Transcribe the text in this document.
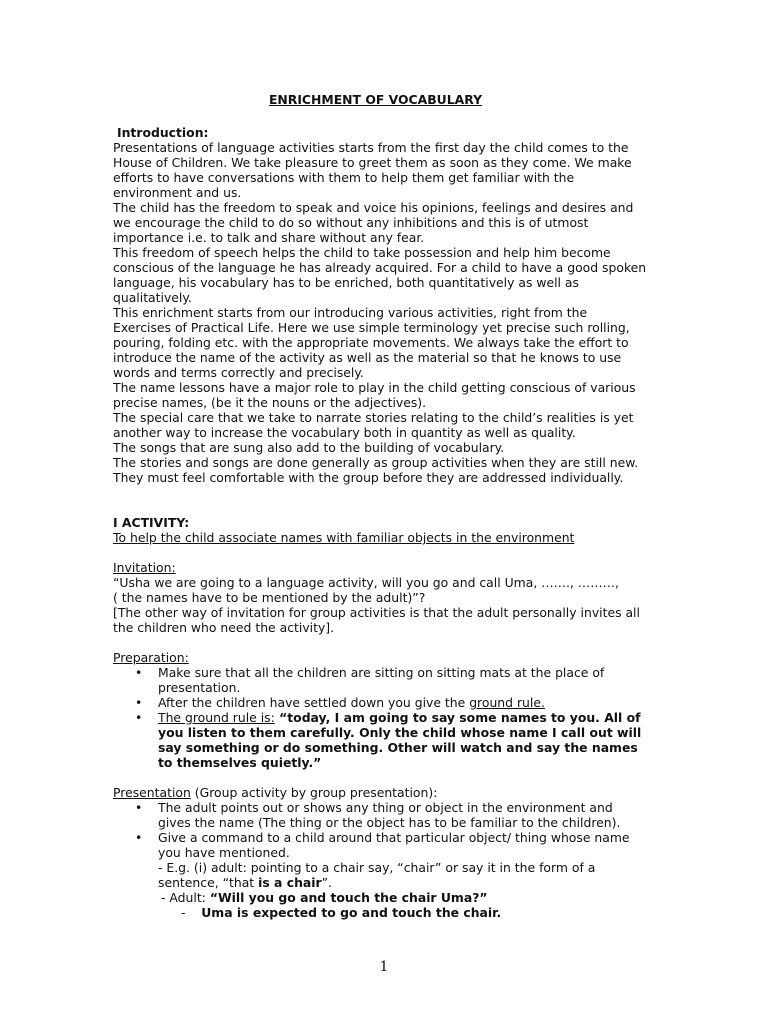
ENRICHMENT OF VOCABULARY
Introduction:

Presentations of language activities starts from the first day the child comes to the House of Children. We take pleasure to greet them as soon as they come. We make efforts to have conversations with them to help them get familiar with the environment and us.

The child has the freedom to speak and voice his opinions, feelings and desires and we encourage the child to do so without any inhibitions and this is of utmost importance i.e. to talk and share without any fear.

This freedom of speech helps the child to take possession and help him become conscious of the language he has already acquired. For a child to have a good spoken language, his vocabulary has to be enriched, both quantitatively as well as qualitatively.

This enrichment starts from our introducing various activities, right from the Exercises of Practical Life. Here we use simple terminology yet precise such rolling, pouring, folding etc. with the appropriate movements. We always take the effort to introduce the name of the activity as well as the material so that he knows to use words and terms correctly and precisely.

The name lessons have a major role to play in the child getting conscious of various precise names, (be it the nouns or the adjectives).

The special care that we take to narrate stories relating to the child’s realities is yet another way to increase the vocabulary both in quantity as well as quality.

The songs that are sung also add to the building of vocabulary.

The stories and songs are done generally as group activities when they are still new. They must feel comfortable with the group before they are addressed individually.

I ACTIVITY:
To help the child associate names with familiar objects in the environment
Invitation:
“Usha we are going to a language activity, will you go and call Uma, ……., ………,
( the names have to be mentioned by the adult)”?
[The other way of invitation for group activities is that the adult personally invites all the children who need the activity].
Preparation:
• Make sure that all the children are sitting on sitting mats at the place of presentation.
• After the children have settled down you give the ground rule.
• The ground rule is: “today, I am going to say some names to you. All of you listen to them carefully. Only the child whose name I call out will say something or do something. Other will watch and say the names to themselves quietly.”
Presentation (Group activity by group presentation):
• The adult points out or shows any thing or object in the environment and gives the name (The thing or the object has to be familiar to the children).
• Give a command to a child around that particular object/ thing whose name you have mentioned.
- E.g. (i) adult: pointing to a chair say, “chair” or say it in the form of a sentence, “that is a chair”.
- Adult: “Will you go and touch the chair Uma?”
- Uma is expected to go and touch the chair.
1
